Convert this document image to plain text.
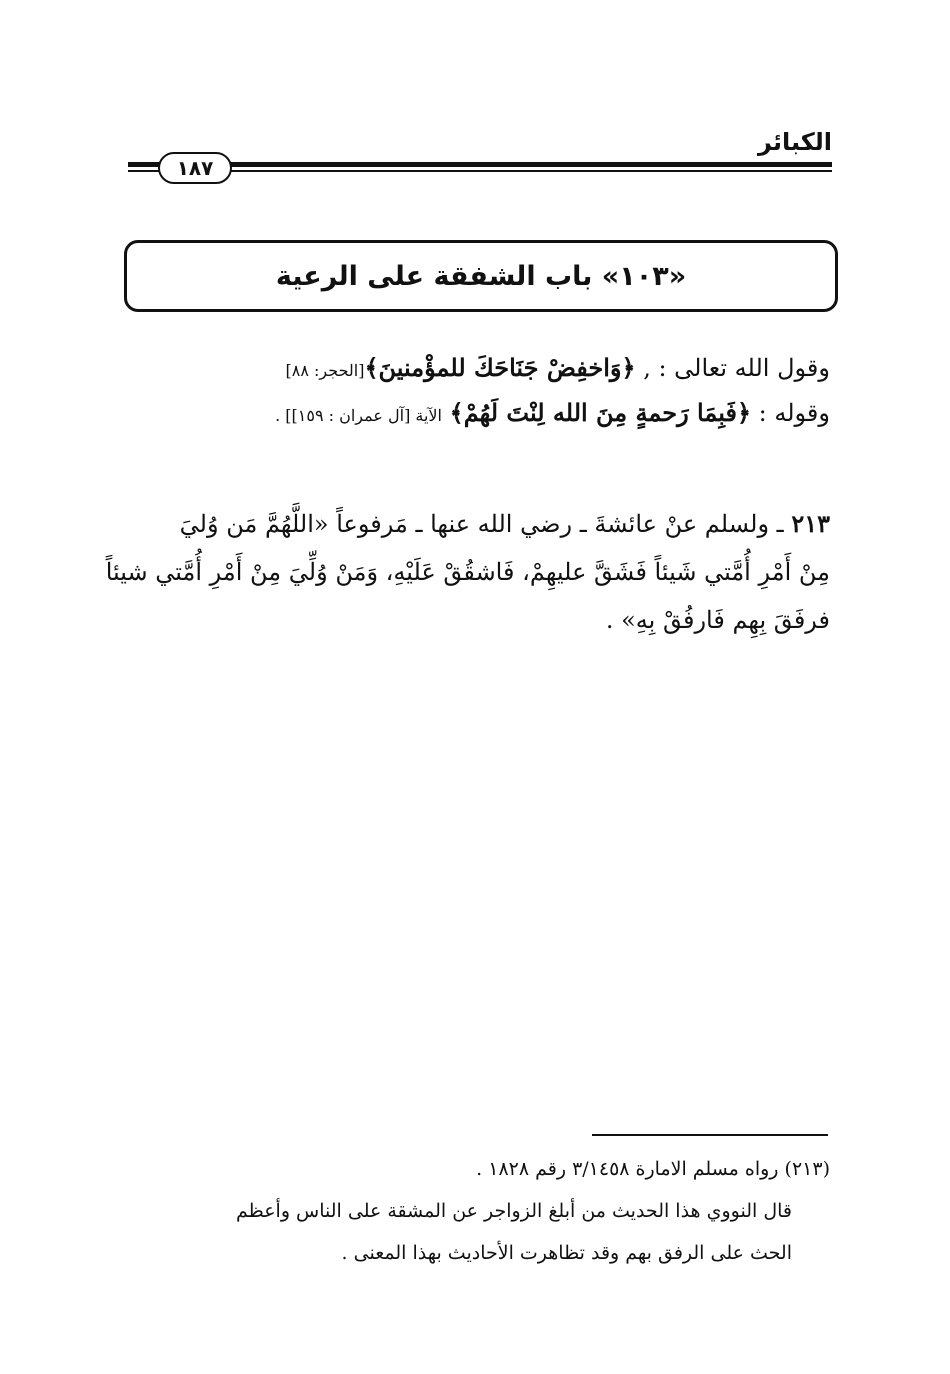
الكبائر
١٨٧
«١٠٣» باب الشفقة على الرعية
وقول الله تعالى : , ﴿وَاخفِضْ جَنَاحَكَ للمؤْمنينَ﴾[الحجر: ٨٨]
وقوله : ﴿فَبِمَا رَحمةٍ مِنَ الله لِنْتَ لَهُمْ﴾ الآية [آل عمران : ١٥٩]] .
٢١٣ ـ ولسلم عنْ عائشةَ ـ رضي الله عنها ـ مَرفوعاً «اللَّهُمَّ مَن وُليَ
مِنْ أَمْرِ أُمَّتي شَيئاً فَشَقَّ عليهِمْ، فَاشقُقْ عَلَيْهِ، وَمَنْ وُلِّيَ مِنْ أَمْرِ أُمَّتي شيئاً
فرفَقَ بِهِم فَارفُقْ بِهِ» .
(٢١٣) رواه مسلم الامارة ٣/١٤٥٨ رقم ١٨٢٨ .
قال النووي هذا الحديث من أبلغ الزواجر عن المشقة على الناس وأعظم
الحث على الرفق بهم وقد تظاهرت الأحاديث بهذا المعنى .
